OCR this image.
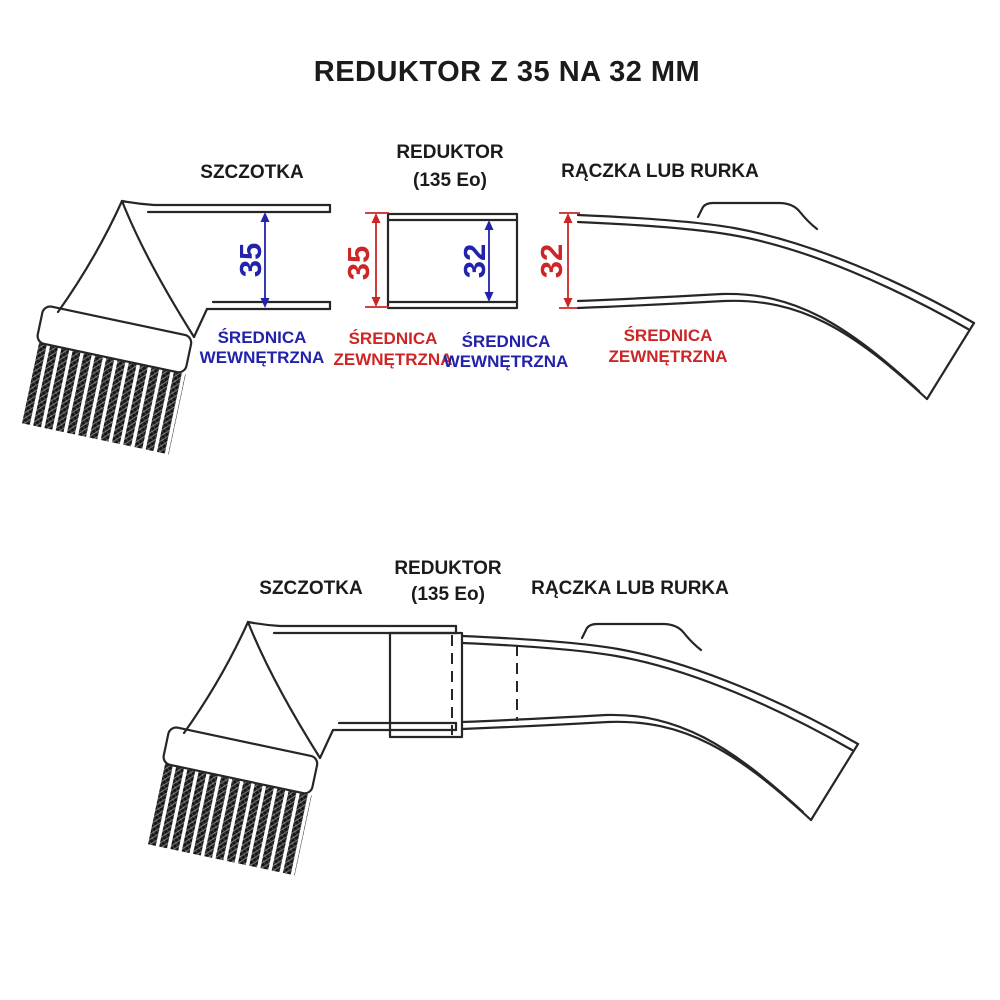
REDUKTOR Z 35 NA 32 MM
SZCZOTKA
REDUKTOR
(135 Eo)	RĄCZKA LUB RURKA
35 35	32 32
ŚREDNICA
WEWNĘTRZNA
ŚREDNICA
ZEWNĘTRZNA
ŚREDNICA
WEWNĘTRZNA
ŚREDNICA
ZEWNĘTRZNA
SZCZOTKA
REDUKTOR
(135 Eo) RĄCZKA LUB RURKA
